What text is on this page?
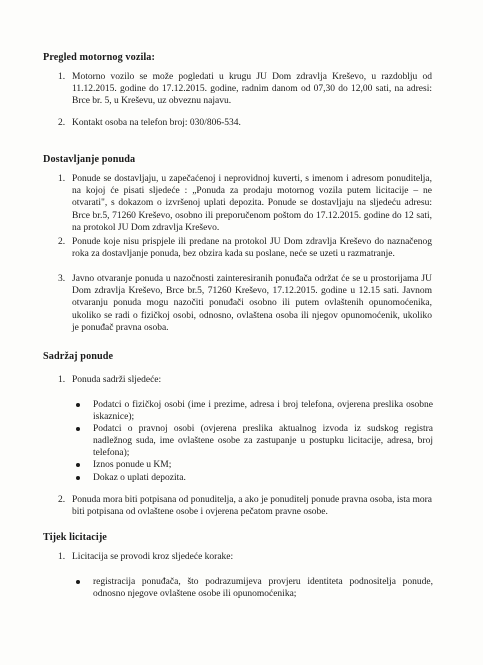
Pregled motornog vozila:
1. Motorno vozilo se može pogledati u krugu JU Dom zdravlja Kreševo, u razdoblju od 11.12.2015. godine do 17.12.2015. godine, radnim danom od 07,30 do 12,00 sati, na adresi: Brce br. 5, u Kreševu, uz obveznu najavu.
2. Kontakt osoba na telefon broj: 030/806-534.
Dostavljanje ponuda
1. Ponude se dostavljaju, u zapečaćenoj i neprovidnoj kuverti, s imenom i adresom ponuditelja, na kojoj će pisati sljedeće : „Ponuda za prodaju motornog vozila putem licitacije – ne otvarati", s dokazom o izvršenoj uplati depozita. Ponude se dostavljaju na sljedeću adresu: Brce br.5, 71260 Kreševo, osobno ili preporučenom poštom do 17.12.2015. godine do 12 sati, na protokol JU Dom zdravlja Kreševo.
2. Ponude koje nisu prispjele ili predane na protokol JU Dom zdravlja Kreševo do naznačenog roka za dostavljanje ponuda, bez obzira kada su poslane, neće se uzeti u razmatranje.
3. Javno otvaranje ponuda u nazočnosti zainteresiranih ponuđača održat će se u prostorijama JU Dom zdravlja Kreševo, Brce br.5, 71260 Kreševo, 17.12.2015. godine u 12.15 sati. Javnom otvaranju ponuda mogu nazočiti ponuđači osobno ili putem ovlaštenih opunomoćenika, ukoliko se radi o fizičkoj osobi, odnosno, ovlaštena osoba ili njegov opunomoćenik, ukoliko je ponuđač pravna osoba.
Sadržaj ponude
1. Ponuda sadrži sljedeće:
Podatci o fizičkoj osobi (ime i prezime, adresa i broj telefona, ovjerena preslika osobne iskaznice);
Podatci o pravnoj osobi (ovjerena preslika aktualnog izvoda iz sudskog registra nadležnog suda, ime ovlaštene osobe za zastupanje u postupku licitacije, adresa, broj telefona);
Iznos ponude u KM;
Dokaz o uplati depozita.
2. Ponuda mora biti potpisana od ponuditelja, a ako je ponuditelj ponude pravna osoba, ista mora biti potpisana od ovlaštene osobe i ovjerena pečatom pravne osobe.
Tijek licitacije
1. Licitacija se provodi kroz sljedeće korake:
registracija ponuđača, što podrazumijeva provjeru identiteta podnositelja ponude, odnosno njegove ovlaštene osobe ili opunomoćenika;
